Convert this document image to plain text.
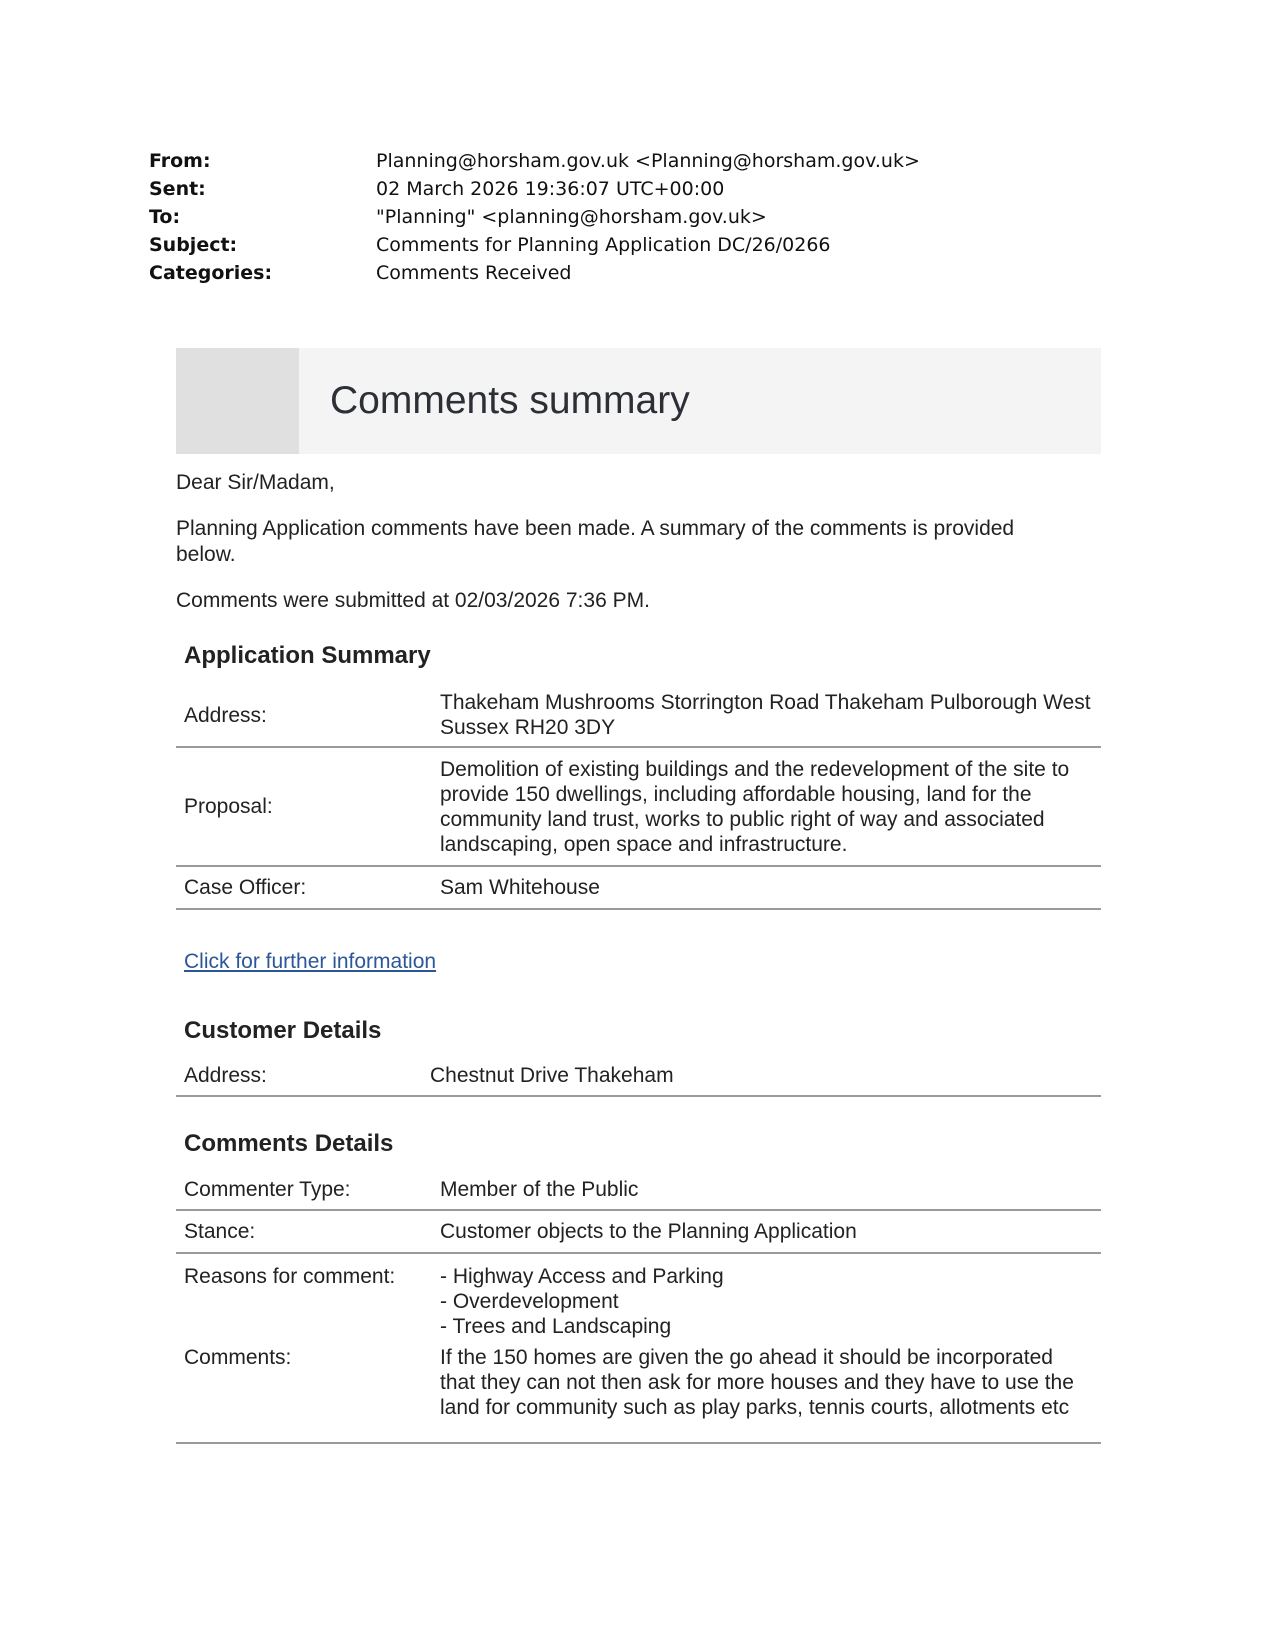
From:	Planning@horsham.gov.uk <Planning@horsham.gov.uk>
Sent:	02 March 2026 19:36:07 UTC+00:00
To:	"Planning" <planning@horsham.gov.uk>
Subject:	Comments for Planning Application DC/26/0266
Categories:	Comments Received
Comments summary
Dear Sir/Madam,
Planning Application comments have been made. A summary of the comments is provided below.
Comments were submitted at 02/03/2026 7:36 PM.
Application Summary
Address:
Thakeham Mushrooms Storrington Road Thakeham Pulborough West Sussex RH20 3DY
Proposal:
Demolition of existing buildings and the redevelopment of the site to provide 150 dwellings, including affordable housing, land for the community land trust, works to public right of way and associated landscaping, open space and infrastructure.
Case Officer:	Sam Whitehouse
Click for further information
Customer Details
Address:	Chestnut Drive Thakeham
Comments Details
Commenter Type:	Member of the Public
Stance:	Customer objects to the Planning Application
Reasons for comment:	- Highway Access and Parking
- Overdevelopment
- Trees and Landscaping
Comments:	If the 150 homes are given the go ahead it should be incorporated that they can not then ask for more houses and they have to use the land for community such as play parks, tennis courts, allotments etc
